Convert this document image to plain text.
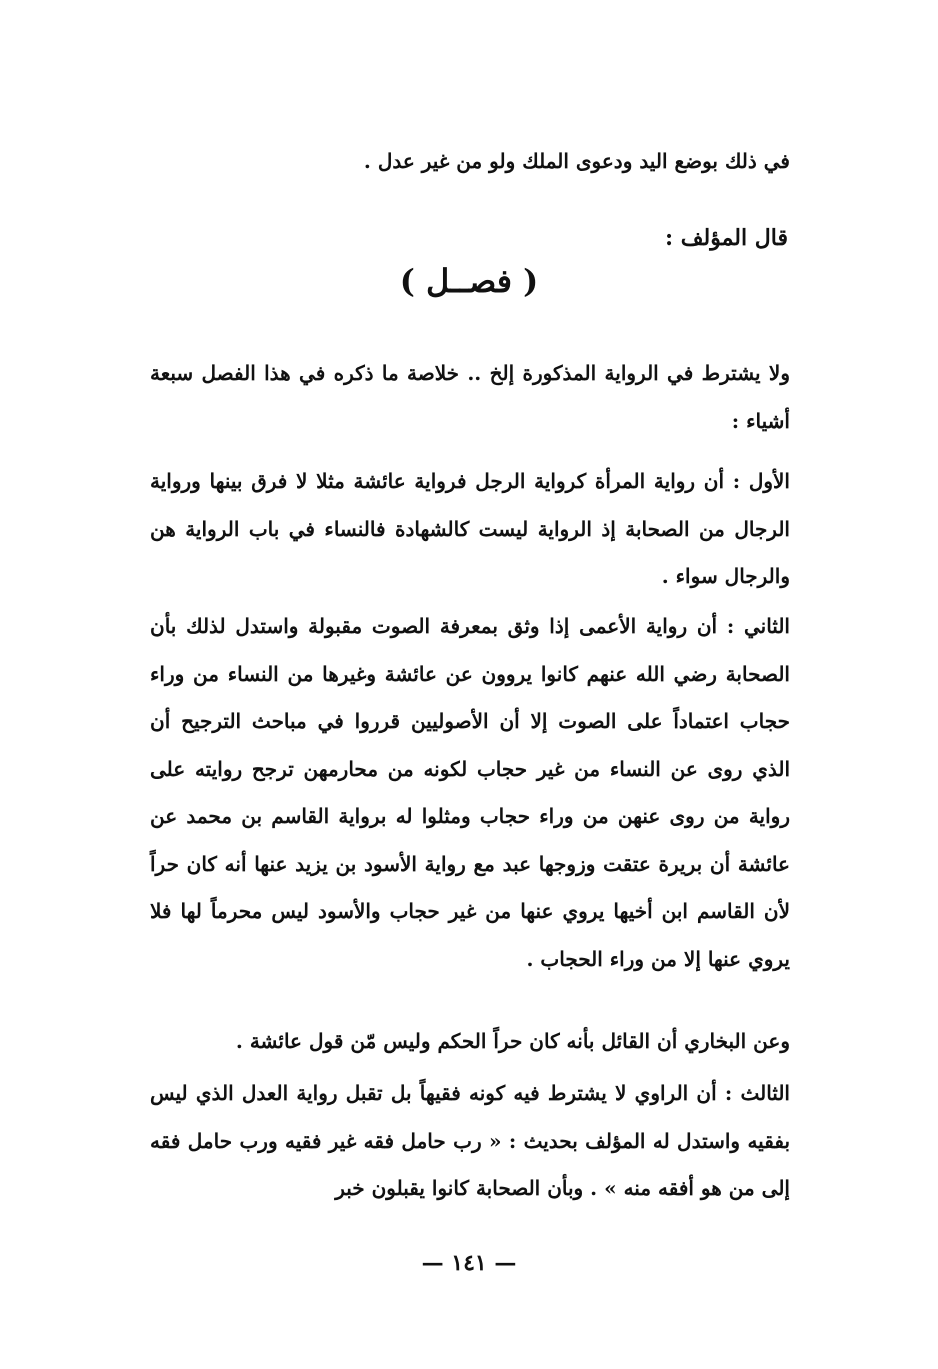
في ذلك بوضع اليد ودعوى الملك ولو من غير عدل .
قال المؤلف :
( فصــل )
ولا يشترط في الرواية المذكورة إلخ .. خلاصة ما ذكره في هذا الفصل سبعة أشياء :
الأول : أن رواية المرأة كرواية الرجل فرواية عائشة مثلا لا فرق بينها ورواية الرجال من الصحابة إذ الرواية ليست كالشهادة فالنساء في باب الرواية هن والرجال سواء .
الثاني : أن رواية الأعمى إذا وثق بمعرفة الصوت مقبولة واستدل لذلك بأن الصحابة رضي الله عنهم كانوا يروون عن عائشة وغيرها من النساء من وراء حجاب اعتماداً على الصوت إلا أن الأصوليين قرروا في مباحث الترجيح أن الذي روى عن النساء من غير حجاب لكونه من محارمهن ترجح روايته على رواية من روى عنهن من وراء حجاب ومثلوا له برواية القاسم بن محمد عن عائشة أن بريرة عتقت وزوجها عبد مع رواية الأسود بن يزيد عنها أنه كان حراً لأن القاسم ابن أخيها يروي عنها من غير حجاب والأسود ليس محرماً لها فلا يروي عنها إلا من وراء الحجاب .
وعن البخاري أن القائل بأنه كان حراً الحكم وليس مّن قول عائشة .
الثالث : أن الراوي لا يشترط فيه كونه فقيهاً بل تقبل رواية العدل الذي ليس بفقيه واستدل له المؤلف بحديث : « رب حامل فقه غير فقيه ورب حامل فقه إلى من هو أفقه منه » . وبأن الصحابة كانوا يقبلون خبر
— ١٤١ —
